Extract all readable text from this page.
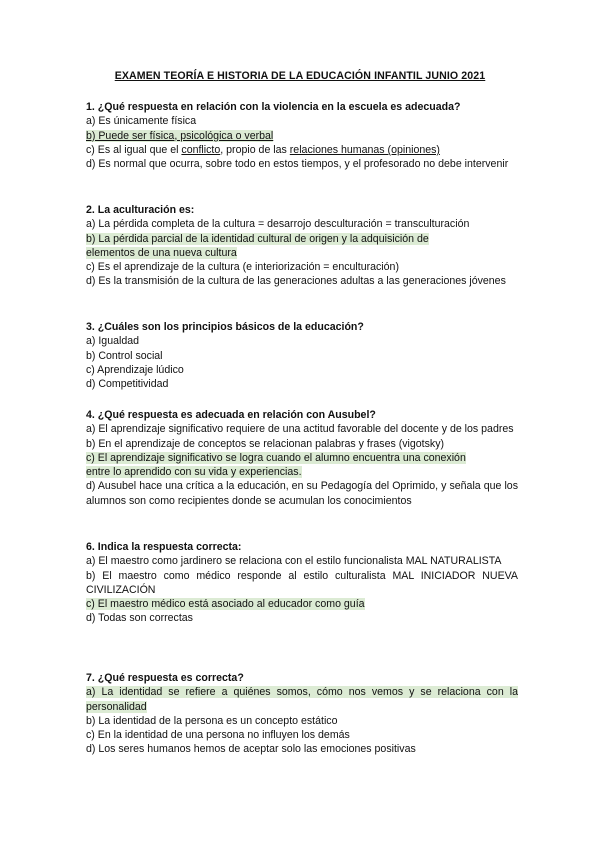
EXAMEN TEORÍA E HISTORIA DE LA EDUCACIÓN INFANTIL JUNIO 2021
1. ¿Qué respuesta en relación con la violencia en la escuela es adecuada?
a) Es únicamente física
b) Puede ser física, psicológica o verbal
c) Es al igual que el conflicto, propio de las relaciones humanas (opiniones)
d) Es normal que ocurra, sobre todo en estos tiempos, y el profesorado no debe intervenir
2. La aculturación es:
a) La pérdida completa de la cultura = desarrojo desculturación = transculturación
b) La pérdida parcial de la identidad cultural de origen y la adquisición de
elementos de una nueva cultura
c) Es el aprendizaje de la cultura (e interiorización = enculturación)
d) Es la transmisión de la cultura de las generaciones adultas a las generaciones jóvenes
3. ¿Cuáles son los principios básicos de la educación?
a) Igualdad
b) Control social
c) Aprendizaje lúdico
d) Competitividad
4. ¿Qué respuesta es adecuada en relación con Ausubel?
a) El aprendizaje significativo requiere de una actitud favorable del docente y de los padres
b) En el aprendizaje de conceptos se relacionan palabras y frases (vigotsky)
c) El aprendizaje significativo se logra cuando el alumno encuentra una conexión
entre lo aprendido con su vida y experiencias.
d) Ausubel hace una crítica a la educación, en su Pedagogía del Oprimido, y señala que los alumnos son como recipientes donde se acumulan los conocimientos
6. Indica la respuesta correcta:
a) El maestro como jardinero se relaciona con el estilo funcionalista MAL NATURALISTA
b) El maestro como médico responde al estilo culturalista MAL INICIADOR NUEVA CIVILIZACIÓN
c) El maestro médico está asociado al educador como guía
d) Todas son correctas
7. ¿Qué respuesta es correcta?
a) La identidad se refiere a quiénes somos, cómo nos vemos y se relaciona con la personalidad
b) La identidad de la persona es un concepto estático
c) En la identidad de una persona no influyen los demás
d) Los seres humanos hemos de aceptar solo las emociones positivas
